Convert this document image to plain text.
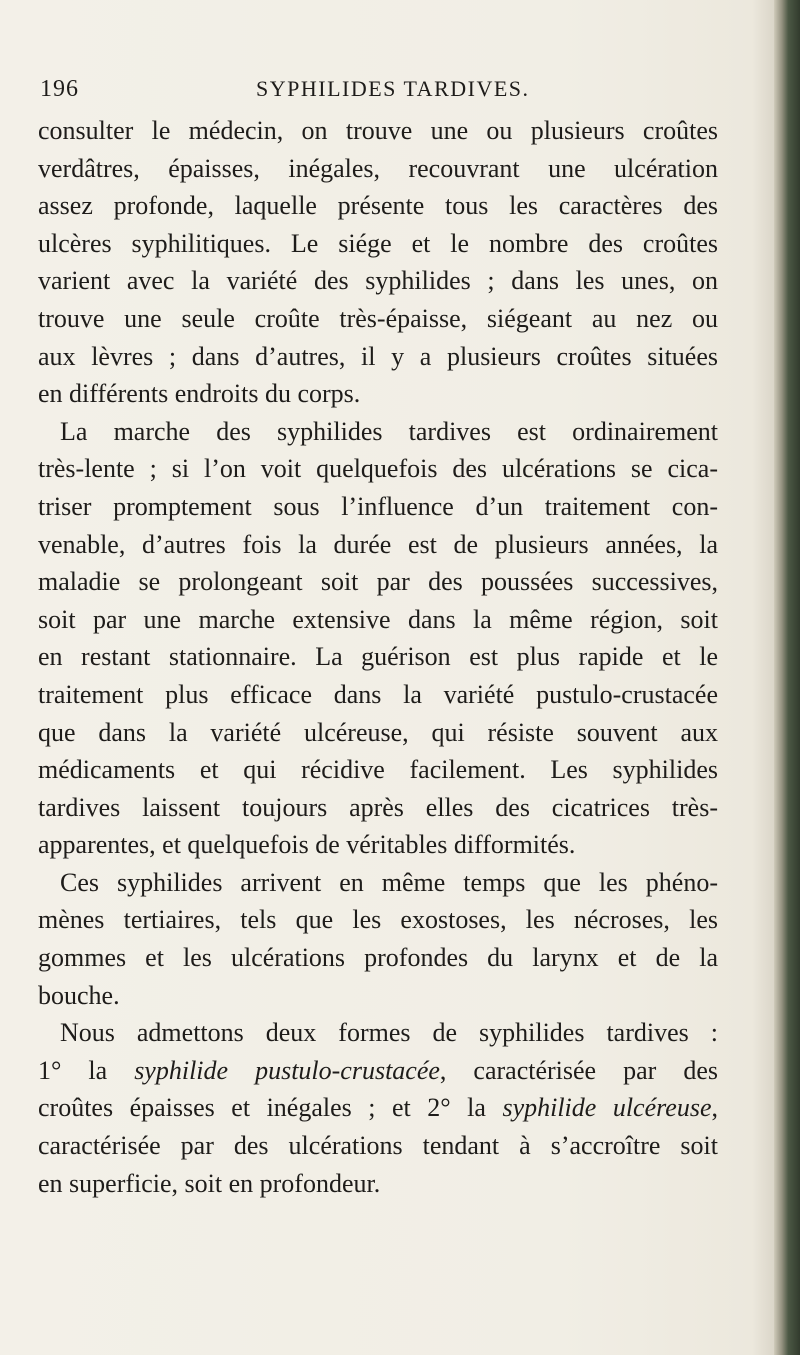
196	SYPHILIDES TARDIVES.
consulter le médecin, on trouve une ou plusieurs croûtes
verdâtres, épaisses, inégales, recouvrant une ulcération
assez profonde, laquelle présente tous les caractères des
ulcères syphilitiques. Le siége et le nombre des croûtes
varient avec la variété des syphilides ; dans les unes, on
trouve une seule croûte très-épaisse, siégeant au nez ou
aux lèvres ; dans d’autres, il y a plusieurs croûtes situées
en différents endroits du corps.
La marche des syphilides tardives est ordinairement
très-lente ; si l’on voit quelquefois des ulcérations se cica-
triser promptement sous l’influence d’un traitement con-
venable, d’autres fois la durée est de plusieurs années, la
maladie se prolongeant soit par des poussées successives,
soit par une marche extensive dans la même région, soit
en restant stationnaire. La guérison est plus rapide et le
traitement plus efficace dans la variété pustulo-crustacée
que dans la variété ulcéreuse, qui résiste souvent aux
médicaments et qui récidive facilement. Les syphilides
tardives laissent toujours après elles des cicatrices très-
apparentes, et quelquefois de véritables difformités.
Ces syphilides arrivent en même temps que les phéno-
mènes tertiaires, tels que les exostoses, les nécroses, les
gommes et les ulcérations profondes du larynx et de la
bouche.
Nous admettons deux formes de syphilides tardives :
1° la syphilide pustulo-crustacée, caractérisée par des
croûtes épaisses et inégales ; et 2° la syphilide ulcéreuse,
caractérisée par des ulcérations tendant à s’accroître soit
en superficie, soit en profondeur.
